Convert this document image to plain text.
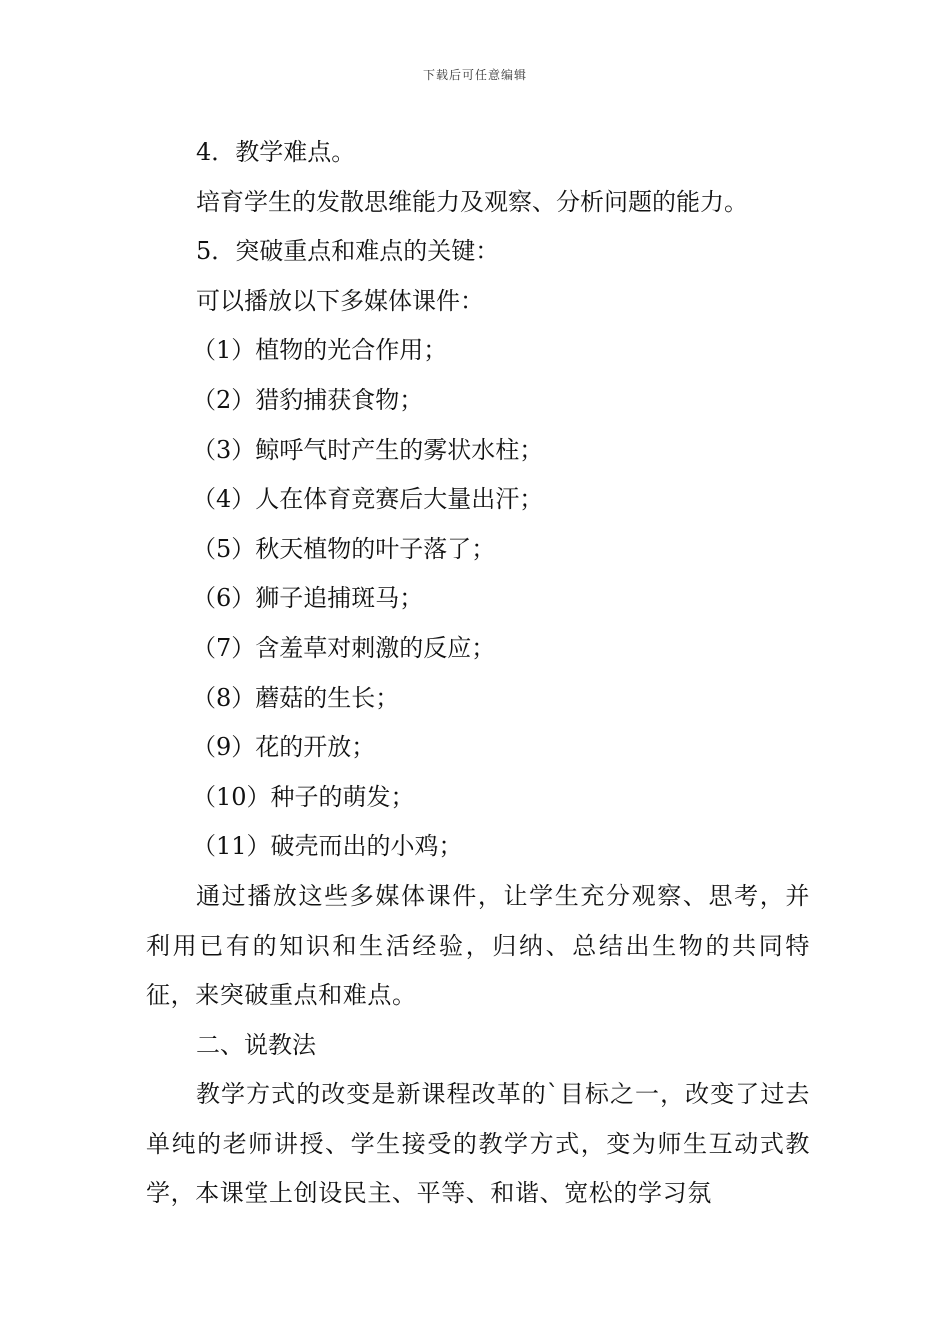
下载后可任意编辑

4．教学难点。

培育学生的发散思维能力及观察、分析问题的能力。

5．突破重点和难点的关键：

可以播放以下多媒体课件：

（1）植物的光合作用；

（2）猎豹捕获食物；

（3）鲸呼气时产生的雾状水柱；

（4）人在体育竞赛后大量出汗；

（5）秋天植物的叶子落了；

（6）狮子追捕斑马；

（7）含羞草对刺激的反应；

（8）蘑菇的生长；

（9）花的开放；

（10）种子的萌发；

（11）破壳而出的小鸡；

通过播放这些多媒体课件，让学生充分观察、思考，并利用已有的知识和生活经验，归纳、总结出生物的共同特征，来突破重点和难点。

二、说教法

教学方式的改变是新课程改革的`目标之一，改变了过去单纯的老师讲授、学生接受的教学方式，变为师生互动式教学，本课堂上创设民主、平等、和谐、宽松的学习氛
